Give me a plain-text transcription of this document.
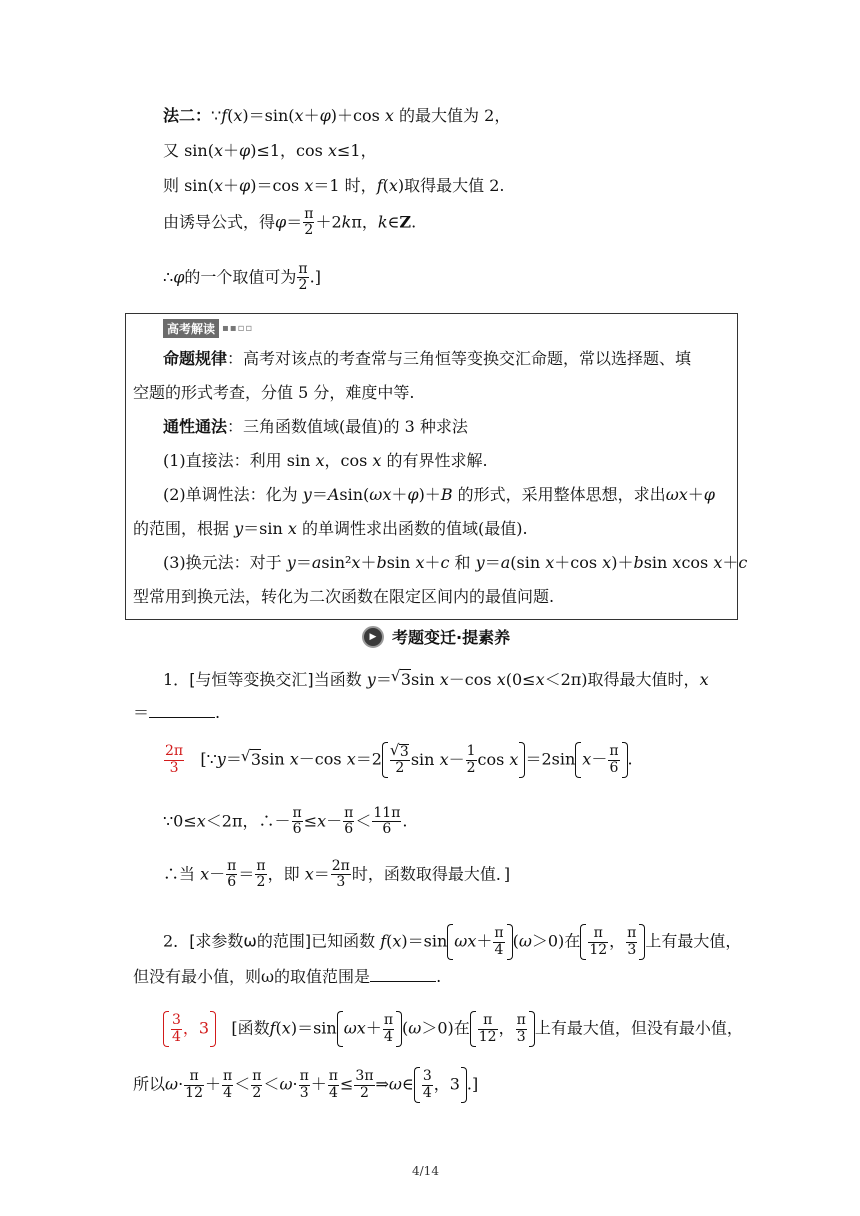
法二：∵f(x)＝sin(x＋φ)＋cos x 的最大值为 2，
又 sin(x＋φ)≤1，cos x≤1，
则 sin(x＋φ)＝cos x＝1 时，f(x)取得最大值 2.
由诱导公式，得$\varphi= \frac{\pi}{2} +2k\pi$，k∈Z.
∴φ的一个取值可为 $\frac{\pi}{2}$ .]
高考解读 ▪▪▫▫
命题规律：高考对该点的考查常与三角恒等变换交汇命题，常以选择题、填
空题的形式考查，分值 5 分，难度中等.
通性通法：三角函数值域(最值)的 3 种求法
(1)直接法：利用 sin x，cos x 的有界性求解.
(2)单调性法：化为 y＝Asin(ωx＋φ)＋B 的形式，采用整体思想，求出ωx＋φ
的范围，根据 y＝sin x 的单调性求出函数的值域(最值).
(3)换元法：对于 y＝asin²x＋bsin x＋c 和 y＝a(sin x＋cos x)＋bsin xcos x＋c
型常用到换元法，转化为二次函数在限定区间内的最值问题.
▶ 考题变迁·提素养
1．[与恒等变换交汇]当函数 y＝ √ 3sin x－cos x(0≤x＜2π)取得最大值时，x
＝	.
$\frac{2\pi}{3}$ [∵y＝ √ 3sin x－cos x＝2 √ $\frac{3}{2}$ $\sin x- \frac{1}{2}$ cos x ＝2sin $x- \frac{\pi}{6}$ .
∵0≤x＜2π，∴－ $\frac{\pi}{6} \le x- \frac{\pi}{6} < \frac{11\pi}{6}$ .
∴当 $x- \frac{\pi}{6} = \frac{\pi}{2}$ ，即 $x= \frac{2\pi}{3}$ 时，函数取得最大值．]
2．[求参数ω的范围]已知函数 f(x)＝sin $\omega x+ \frac{\pi}{4} (\omega>0)$在 $\frac{\pi}{12}$ ， $\frac{\pi}{3}$ 上有最大值，
但没有最小值，则ω的取值范围是	.
$\frac{3}{4}$ ，3 [函数f(x)＝sin $\omega x+ \frac{\pi}{4} (\omega>0)$在 $\frac{\pi}{12}$ ， $\frac{\pi}{3}$ 上有最大值，但没有最小值，
所以$\omega\cdot \frac{\pi}{12} + \frac{\pi}{4} < \frac{\pi}{2} <\omega\cdot \frac{\pi}{3} + \frac{\pi}{4} \le \frac{3\pi}{2}$ ⇒ω∈ $\frac{3}{4}$ ，3 .]
4/14
